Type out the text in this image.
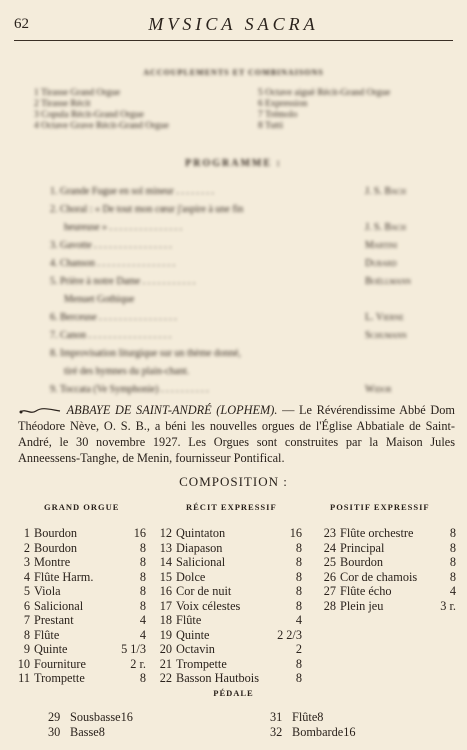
62	MVSICA SACRA
ACCOUPLEMENTS ET COMBINAISONS
1 Tirasse Grand Orgue
2 Tirasse Récit
3 Copula Récit-Grand Orgue
4 Octave Grave Récit-Grand Orgue
5 Octave aiguë Récit-Grand Orgue
6 Expression
7 Trémolo
8 Tutti
PROGRAMME :
1. Grande Fugue en sol mineur . . . . . . . .	J. S. Bach
2. Choral : « De tout mon cœur j'aspire à une fin
heureuse » . . . . . . . . . . . . . . .	J. S. Bach
3. Gavotte . . . . . . . . . . . . . . . .	Martini
4. Chanson . . . . . . . . . . . . . . . .	Dubard
5. Prière à notre Dame . . . . . . . . . . .	Boëllmann
Menuet Gothique
6. Berceuse . . . . . . . . . . . . . . . .	L. Vierne
7. Canon . . . . . . . . . . . . . . . . .	Schumann
8. Improvisation liturgique sur un thème donné,
tiré des hymnes du plain-chant.
9. Toccata (Ve Symphonie) . . . . . . . . . .	Widor
ABBAYE DE SAINT-ANDRÉ (LOPHEM). — Le Révérendissime Abbé Dom Théodore Nève, O. S. B., a béni les nouvelles orgues de l'Église Abbatiale de Saint-André, le 30 novembre 1927. Les Orgues sont construites par la Maison Jules Anneessens-Tanghe, de Menin, fournisseur Pontifical.
COMPOSITION :
GRAND ORGUE	RÉCIT EXPRESSIF	POSITIF EXPRESSIF
1 Bourdon	16
2 Bourdon	8
3 Montre	8
4 Flûte Harm.	8
5 Viola	8
6 Salicional	8
7 Prestant	4
8 Flûte	4
9 Quinte	5 1/3
10 Fourniture	2 r.
11 Trompette	8
12 Quintaton	16
13 Diapason	8
14 Salicional	8
15 Dolce	8
16 Cor de nuit	8
17 Voix célestes	8
18 Flûte	4
19 Quinte	2 2/3
20 Octavin	2
21 Trompette	8
22 Basson Hautbois	8
23 Flûte orchestre	8
24 Principal	8
25 Bourdon	8
26 Cor de chamois	8
27 Flûte écho	4
28 Plein jeu	3 r.
PÉDALE
29 Sousbasse 16
30 Basse 8
31 Flûte 8
32 Bombarde 16
